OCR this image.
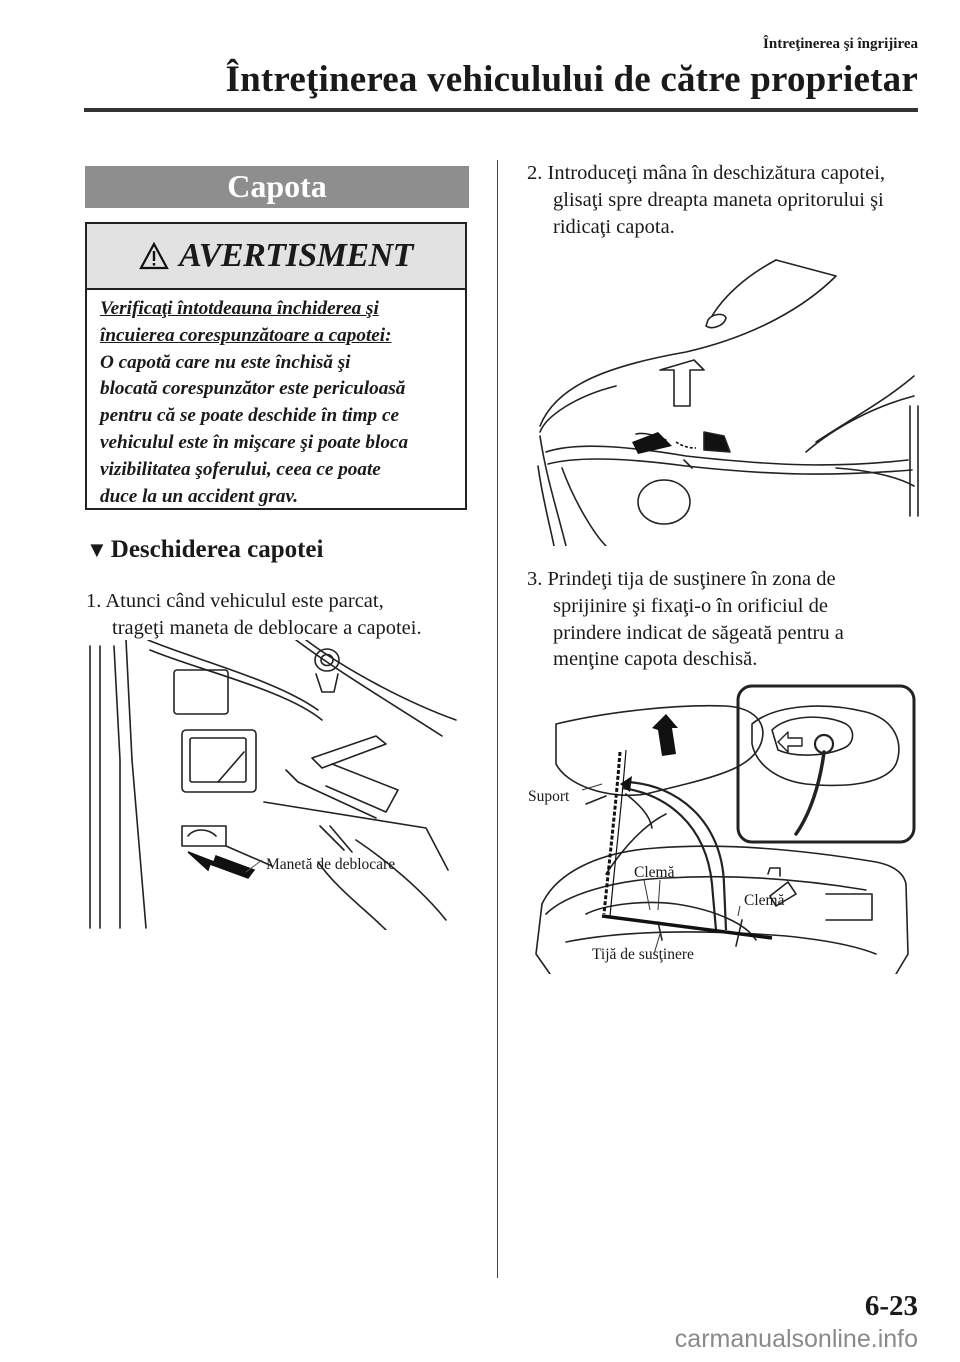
Întreţinerea şi îngrijirea
Întreţinerea vehiculului de către proprietar
Capota
AVERTISMENT
Verificaţi întotdeauna închiderea şi
încuierea corespunzătoare a capotei:
O capotă care nu este închisă şi
blocată corespunzător este periculoasă
pentru că se poate deschide în timp ce
vehiculul este în mişcare şi poate bloca
vizibilitatea şoferului, ceea ce poate
duce la un accident grav.
▼ Deschiderea capotei
1. Atunci când vehiculul este parcat,
trageţi maneta de deblocare a capotei.
Manetă de deblocare
2. Introduceţi mâna în deschizătura capotei,
glisaţi spre dreapta maneta opritorului şi
ridicaţi capota.
3. Prindeţi tija de susţinere în zona de
sprijinire şi fixaţi-o în orificiul de
prindere indicat de săgeată pentru a
menţine capota deschisă.
Suport
Clemă
Clemă
Tijă de susţinere
6-23
carmanualsonline.info
